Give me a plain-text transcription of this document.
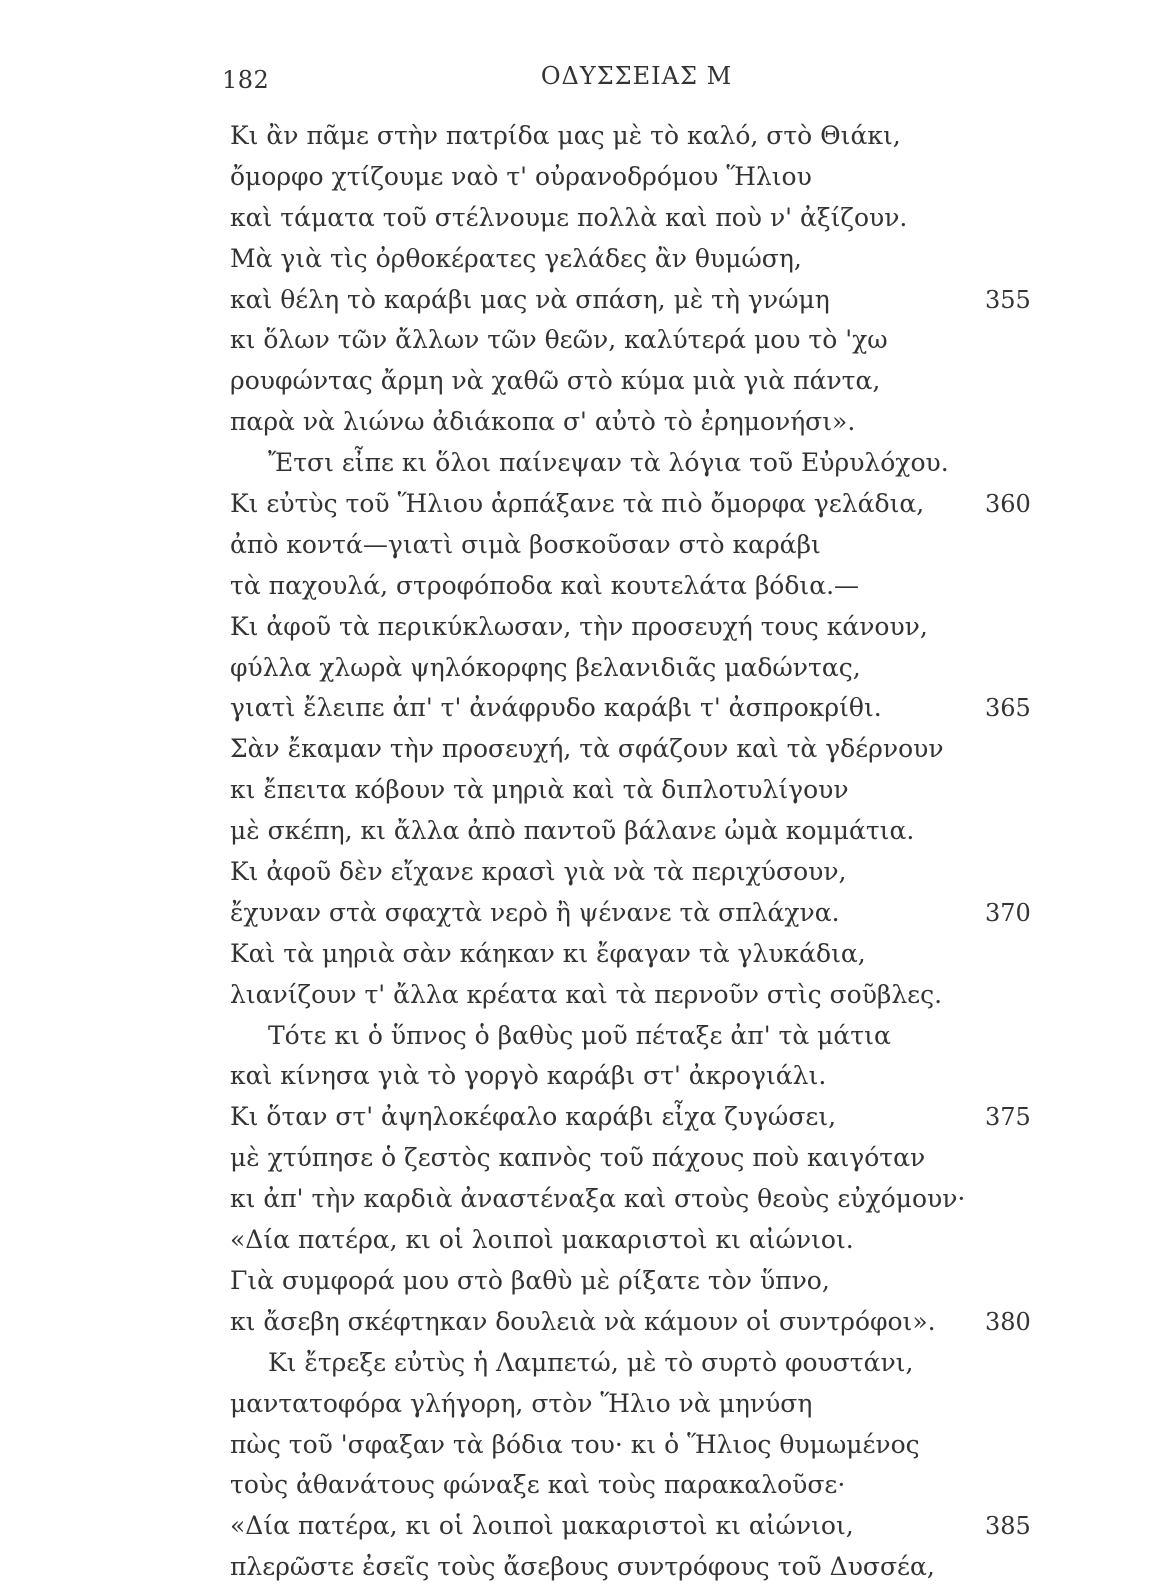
182	ΟΔΥΣΣΕΙΑΣ Μ
Κι ἂν πᾶμε στὴν πατρίδα μας μὲ τὸ καλό, στὸ Θιάκι,
ὄμορφο χτίζουμε ναὸ τ' οὐρανοδρόμου Ἥλιου
καὶ τάματα τοῦ στέλνουμε πολλὰ καὶ ποὺ ν' ἀξίζουν.
Μὰ γιὰ τὶς ὀρθοκέρατες γελάδες ἂν θυμώση,
καὶ θέλη τὸ καράβι μας νὰ σπάση, μὲ τὴ γνώμη	355
κι ὅλων τῶν ἄλλων τῶν θεῶν, καλύτερά μου τὸ 'χω
ρουφώντας ἄρμη νὰ χαθῶ στὸ κύμα μιὰ γιὰ πάντα,
παρὰ νὰ λιώνω ἀδιάκοπα σ' αὐτὸ τὸ ἐρημονήσι».
Ἔτσι εἶπε κι ὅλοι παίνεψαν τὰ λόγια τοῦ Εὐρυλόχου.
Κι εὐτὺς τοῦ Ἥλιου ἁρπάξανε τὰ πιὸ ὄμορφα γελάδια,	360
ἀπὸ κοντά—γιατὶ σιμὰ βοσκοῦσαν στὸ καράβι
τὰ παχουλά, στροφόποδα καὶ κουτελάτα βόδια.—
Κι ἀφοῦ τὰ περικύκλωσαν, τὴν προσευχή τους κάνουν,
φύλλα χλωρὰ ψηλόκορφης βελανιδιᾶς μαδώντας,
γιατὶ ἔλειπε ἀπ' τ' ἀνάφρυδο καράβι τ' ἀσπροκρίθι.	365
Σὰν ἔκαμαν τὴν προσευχή, τὰ σφάζουν καὶ τὰ γδέρνουν
κι ἔπειτα κόβουν τὰ μηριὰ καὶ τὰ διπλοτυλίγουν
μὲ σκέπη, κι ἄλλα ἀπὸ παντοῦ βάλανε ὠμὰ κομμάτια.
Κι ἀφοῦ δὲν εἴχανε κρασὶ γιὰ νὰ τὰ περιχύσουν,
ἔχυναν στὰ σφαχτὰ νερὸ ἢ ψένανε τὰ σπλάχνα.	370
Καὶ τὰ μηριὰ σὰν κάηκαν κι ἔφαγαν τὰ γλυκάδια,
λιανίζουν τ' ἄλλα κρέατα καὶ τὰ περνοῦν στὶς σοῦβλες.
Τότε κι ὁ ὕπνος ὁ βαθὺς μοῦ πέταξε ἀπ' τὰ μάτια
καὶ κίνησα γιὰ τὸ γοργὸ καράβι στ' ἀκρογιάλι.
Κι ὅταν στ' ἀψηλοκέφαλο καράβι εἶχα ζυγώσει,	375
μὲ χτύπησε ὁ ζεστὸς καπνὸς τοῦ πάχους ποὺ καιγόταν
κι ἀπ' τὴν καρδιὰ ἀναστέναξα καὶ στοὺς θεοὺς εὐχόμουν·
«Δία πατέρα, κι οἱ λοιποὶ μακαριστοὶ κι αἰώνιοι.
Γιὰ συμφορά μου στὸ βαθὺ μὲ ρίξατε τὸν ὕπνο,
κι ἄσεβη σκέφτηκαν δουλειὰ νὰ κάμουν οἱ συντρόφοι». 380
Κι ἔτρεξε εὐτὺς ἡ Λαμπετώ, μὲ τὸ συρτὸ φουστάνι,
μαντατοφόρα γλήγορη, στὸν Ἥλιο νὰ μηνύση
πὼς τοῦ 'σφαξαν τὰ βόδια του· κι ὁ Ἥλιος θυμωμένος
τοὺς ἀθανάτους φώναξε καὶ τοὺς παρακαλοῦσε·
«Δία πατέρα, κι οἱ λοιποὶ μακαριστοὶ κι αἰώνιοι,	385
πλερῶστε ἐσεῖς τοὺς ἄσεβους συντρόφους τοῦ Δυσσέα,
